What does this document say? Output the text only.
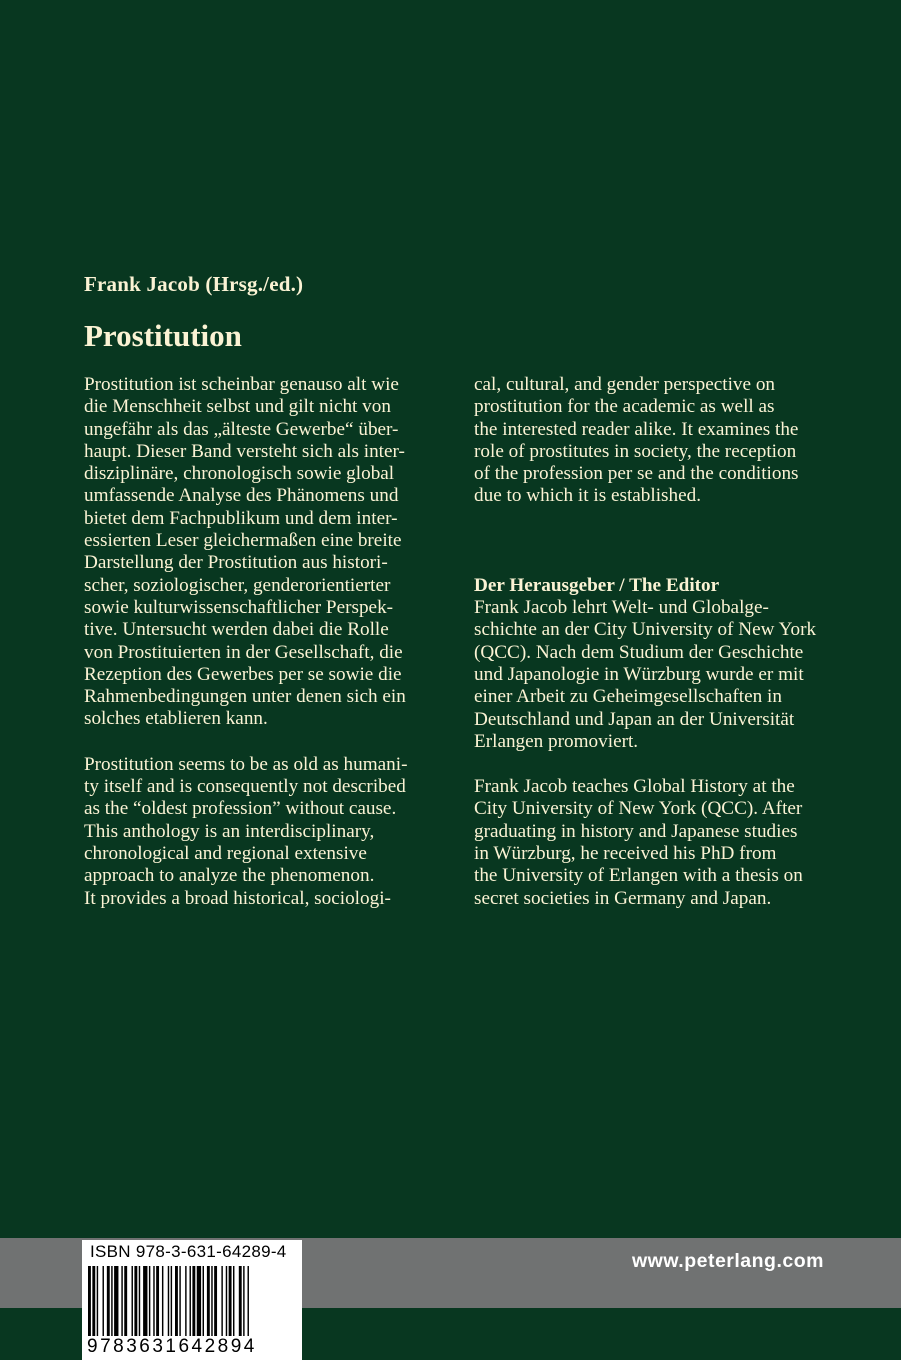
Frank Jacob (Hrsg./ed.)
Prostitution

Prostitution ist scheinbar genauso alt wie
die Menschheit selbst und gilt nicht von
ungefähr als das „älteste Gewerbe“ über-
haupt. Dieser Band versteht sich als inter-
disziplinäre, chronologisch sowie global
umfassende Analyse des Phänomens und
bietet dem Fachpublikum und dem inter-
essierten Leser gleichermaßen eine breite
Darstellung der Prostitution aus histori-
scher, soziologischer, genderorientierter
sowie kulturwissenschaftlicher Perspek-
tive. Untersucht werden dabei die Rolle
von Prostituierten in der Gesellschaft, die
Rezeption des Gewerbes per se sowie die
Rahmenbedingungen unter denen sich ein
solches etablieren kann.

Prostitution seems to be as old as humani-
ty itself and is consequently not described
as the “oldest profession” without cause.
This anthology is an interdisciplinary,
chronological and regional extensive
approach to analyze the phenomenon.
It provides a broad historical, sociologi-

cal, cultural, and gender perspective on
prostitution for the academic as well as
the interested reader alike. It examines the
role of prostitutes in society, the reception
of the profession per se and the conditions
due to which it is established.

Der Herausgeber / The Editor
Frank Jacob lehrt Welt- und Globalge-
schichte an der City University of New York
(QCC). Nach dem Studium der Geschichte
und Japanologie in Würzburg wurde er mit
einer Arbeit zu Geheimgesellschaften in
Deutschland und Japan an der Universität
Erlangen promoviert.

Frank Jacob teaches Global History at the
City University of New York (QCC). After
graduating in history and Japanese studies
in Würzburg, he received his PhD from
the University of Erlangen with a thesis on
secret societies in Germany and Japan.

www.peterlang.com
ISBN 978-3-631-64289-4
9783631642894
